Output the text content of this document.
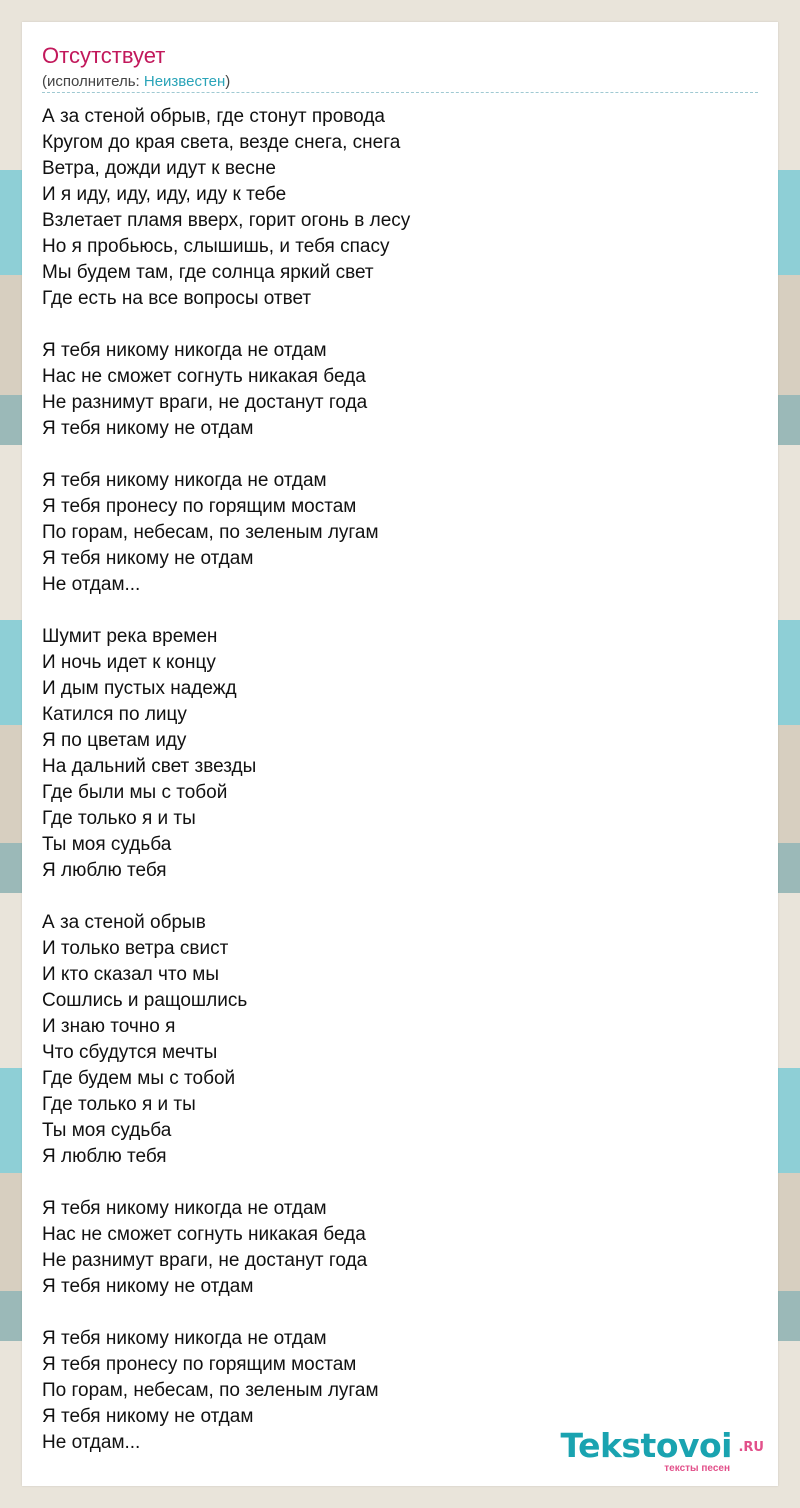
Отсутствует
(исполнитель: Неизвестен)
А за стеной обрыв, где стонут провода
Кругом до края света, везде снега, снега
Ветра, дожди идут к весне
И я иду, иду, иду, иду к тебе
Взлетает пламя вверх, горит огонь в лесу
Но я пробьюсь, слышишь, и тебя спасу
Мы будем там, где солнца яркий свет
Где есть на все вопросы ответ
Я тебя никому никогда не отдам
Нас не сможет согнуть никакая беда
Не разнимут враги, не достанут года
Я тебя никому не отдам
Я тебя никому никогда не отдам
Я тебя пронесу по горящим мостам
По горам, небесам, по зеленым лугам
Я тебя никому не отдам
Не отдам...
Шумит река времен
И ночь идет к концу
И дым пустых надежд
Катился по лицу
Я по цветам иду
На дальний свет звезды
Где были мы с тобой
Где только я и ты
Ты моя судьба
Я люблю тебя
А за стеной обрыв
И только ветра свист
И кто сказал что мы
Сошлись и ращошлись
И знаю точно я
Что сбудутся мечты
Где будем мы с тобой
Где только я и ты
Ты моя судьба
Я люблю тебя
Я тебя никому никогда не отдам
Нас не сможет согнуть никакая беда
Не разнимут враги, не достанут года
Я тебя никому не отдам
Я тебя никому никогда не отдам
Я тебя пронесу по горящим мостам
По горам, небесам, по зеленым лугам
Я тебя никому не отдам
Не отдам...	Tekstovoi .RU
тексты песен
